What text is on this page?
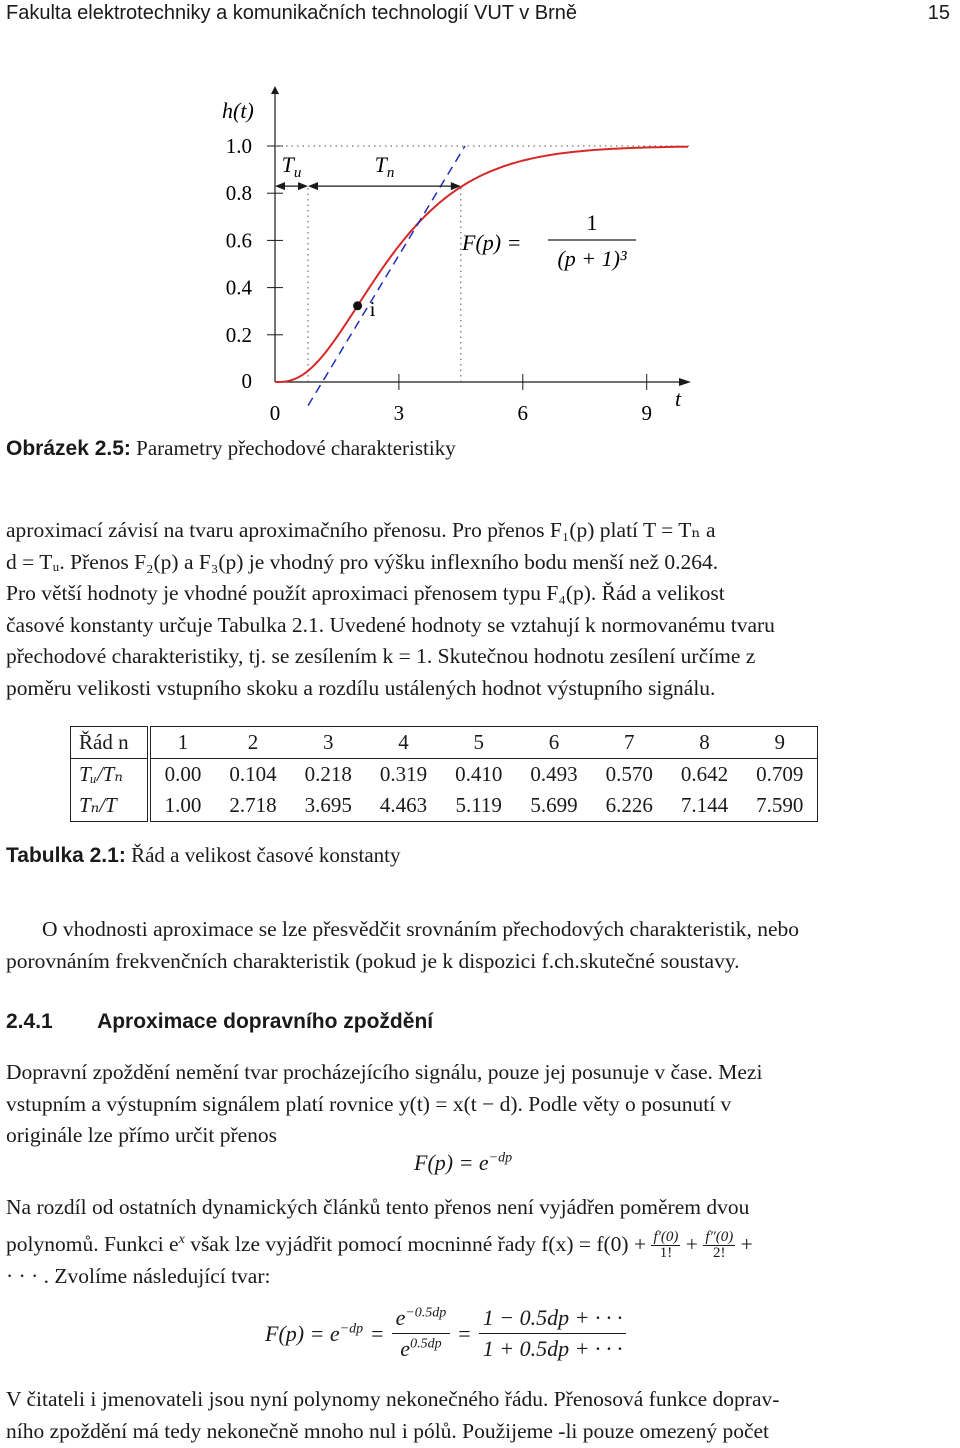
Fakulta elektrotechniky a komunikačních technologií VUT v Brně	15
h(t)
t
1.0
0.8
0.6
0.4
0.2
0
0	3	6	9
i
$T_u$	$T_n$
F(p) =
1
(p + 1)³
Obrázek 2.5: Parametry přechodové charakteristiky

aproximací závisí na tvaru aproximačního přenosu. Pro přenos F₁(p) platí T = Tₙ a

d = Tᵤ. Přenos F₂(p) a F₃(p) je vhodný pro výšku inflexního bodu menší než 0.264.

Pro větší hodnoty je vhodné použít aproximaci přenosem typu F₄(p). Řád a velikost

časové konstanty určuje Tabulka 2.1. Uvedené hodnoty se vztahují k normovanému tvaru

přechodové charakteristiky, tj. se zesílením k = 1. Skutečnou hodnotu zesílení určíme z

poměru velikosti vstupního skoku a rozdílu ustálených hodnot výstupního signálu.

Řád n	1	2	3	4	5	6	7	8	9
Tᵤ/Tₙ	0.00	0.104	0.218	0.319	0.410	0.493	0.570	0.642	0.709
Tₙ/T	1.00	2.718	3.695	4.463	5.119	5.699	6.226	7.144	7.590
Tabulka 2.1: Řád a velikost časové konstanty

O vhodnosti aproximace se lze přesvědčit srovnáním přechodových charakteristik, nebo

porovnáním frekvenčních charakteristik (pokud je k dispozici f.ch.skutečné soustavy.

2.4.1 Aproximace dopravního zpoždění

Dopravní zpoždění nemění tvar procházejícího signálu, pouze jej posunuje v čase. Mezi

vstupním a výstupním signálem platí rovnice y(t) = x(t − d). Podle věty o posunutí v

originále lze přímo určit přenos

$F(p) = e^{-dp}$

Na rozdíl od ostatních dynamických článků tento přenos není vyjádřen poměrem dvou

polynomů. Funkci $e^x$ však lze vyjádřit pomocí mocninné řady $f(x) = f(0) + \frac{f'(0)}{1!} + \frac{f''(0)}{2!}$ +

· · · . Zvolíme následující tvar:

$F(p) = e^{-dp} = \frac{e^{-0.5dp}}{e^{0.5dp}} = \frac{1 - 0.5dp + \cdot \cdot \cdot}{1 + 0.5dp + \cdot \cdot \cdot}$

V čitateli i jmenovateli jsou nyní polynomy nekonečného řádu. Přenosová funkce doprav-

ního zpoždění má tedy nekonečně mnoho nul i pólů. Použijeme -li pouze omezený počet
